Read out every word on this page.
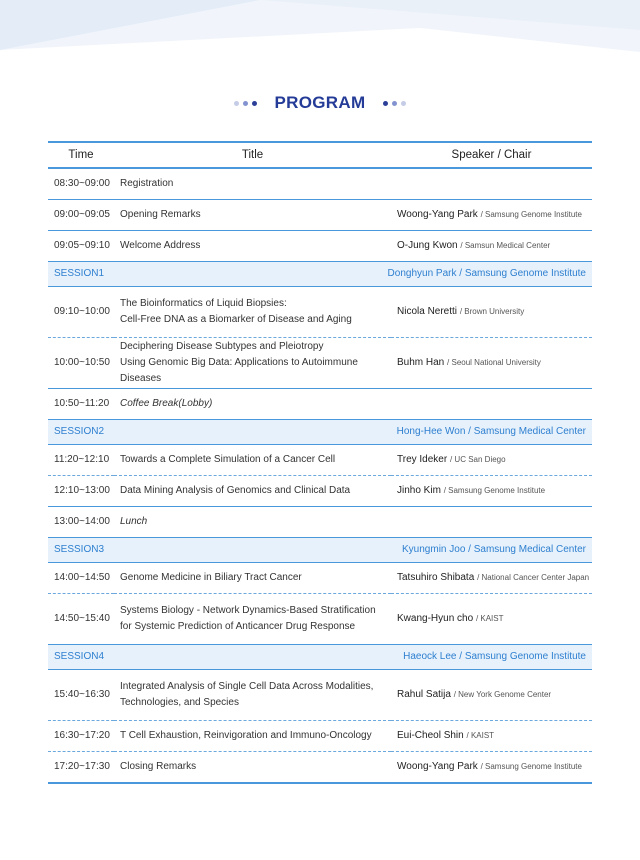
PROGRAM
Time	Title	Speaker / Chair
08:30~09:00	Registration	
09:00~09:05	Opening Remarks	Woong-Yang Park / Samsung Genome Institute
09:05~09:10	Welcome Address	O-Jung Kwon / Samsun Medical Center
SESSION1	Donghyun Park / Samsung Genome Institute	
09:10~10:00	The Bioinformatics of Liquid Biopsies:
Cell-Free DNA as a Biomarker of Disease and Aging	Nicola Neretti / Brown University
10:00~10:50	Deciphering Disease Subtypes and Pleiotropy
Using Genomic Big Data: Applications to Autoimmune Diseases	Buhm Han / Seoul National University
10:50~11:20	Coffee Break(Lobby)	
SESSION2	Hong-Hee Won / Samsung Medical Center	
11:20~12:10	Towards a Complete Simulation of a Cancer Cell	Trey Ideker / UC San Diego
12:10~13:00	Data Mining Analysis of Genomics and Clinical Data	Jinho Kim / Samsung Genome Institute
13:00~14:00	Lunch	
SESSION3	Kyungmin Joo / Samsung Medical Center	
14:00~14:50	Genome Medicine in Biliary Tract Cancer	Tatsuhiro Shibata / National Cancer Center Japan
14:50~15:40	Systems Biology - Network Dynamics-Based Stratification
for Systemic Prediction of Anticancer Drug Response	Kwang-Hyun cho / KAIST
SESSION4	Haeock Lee / Samsung Genome Institute	
15:40~16:30	Integrated Analysis of Single Cell Data Across Modalities,
Technologies, and Species	Rahul Satija / New York Genome Center
16:30~17:20	T Cell Exhaustion, Reinvigoration and Immuno-Oncology	Eui-Cheol Shin / KAIST
17:20~17:30	Closing Remarks	Woong-Yang Park / Samsung Genome Institute
